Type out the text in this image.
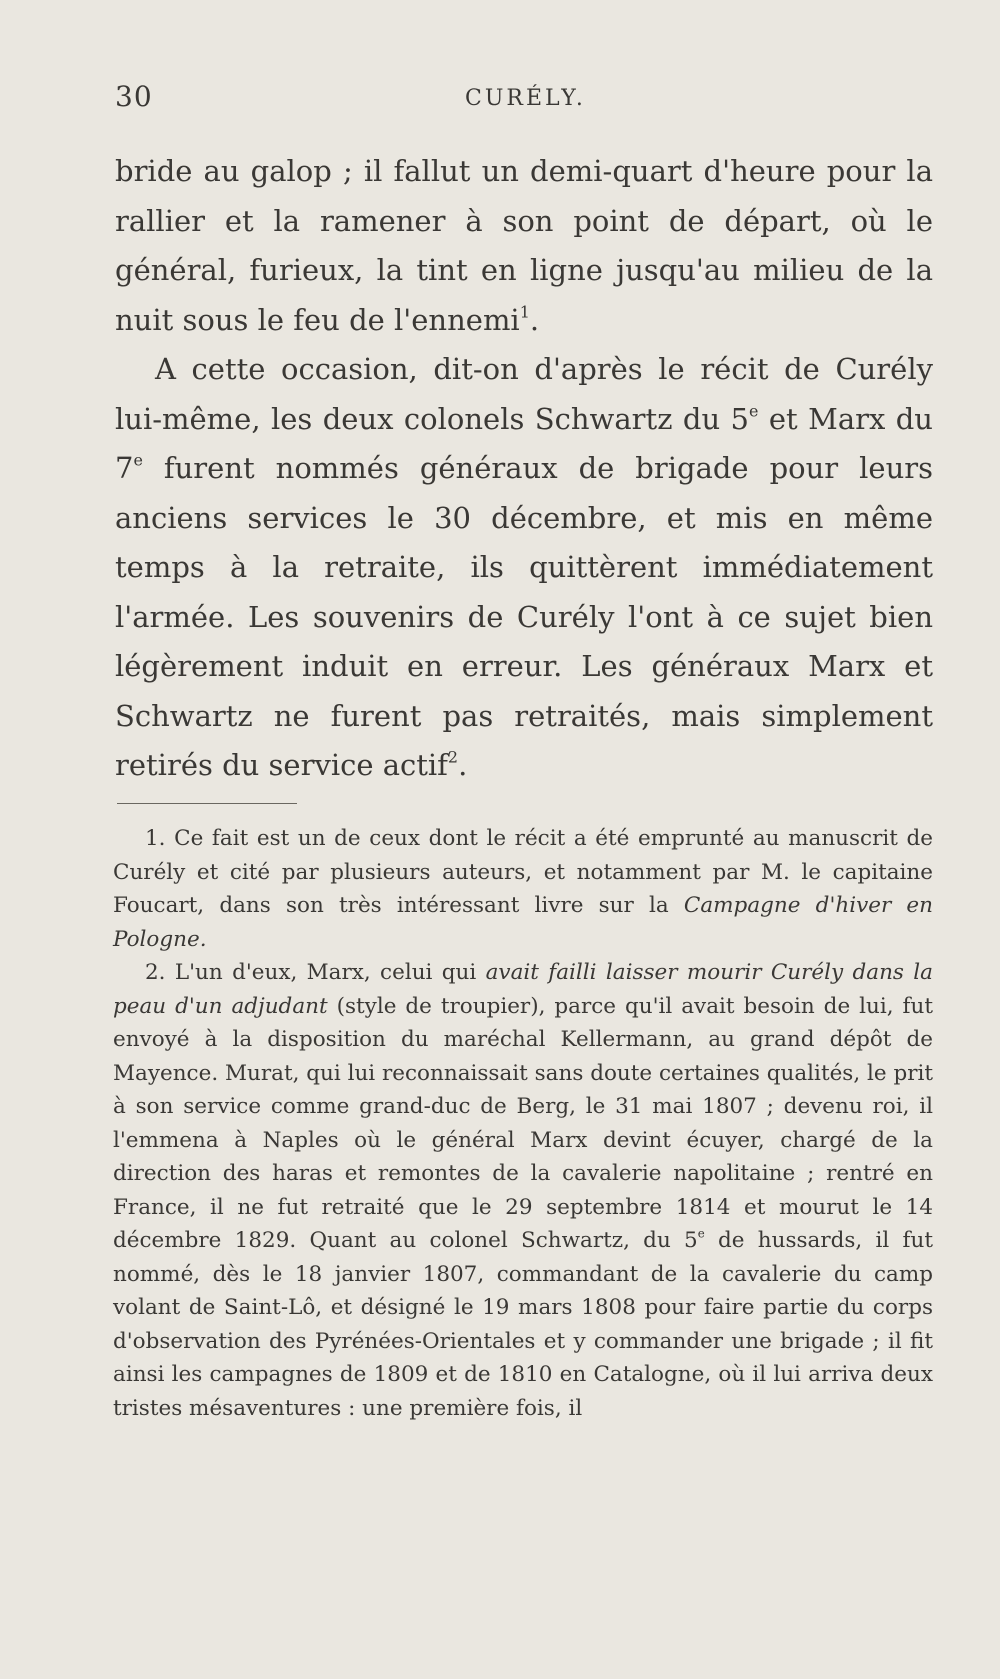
30	CURÉLY.

bride au galop ; il fallut un demi-quart d'heure pour la rallier et la ramener à son point de départ, où le général, furieux, la tint en ligne jusqu'au milieu de la nuit sous le feu de l'ennemi$^1$.

A cette occasion, dit-on d'après le récit de Curély lui-même, les deux colonels Schwartz du 5e et Marx du 7e furent nommés généraux de brigade pour leurs anciens services le 30 décembre, et mis en même temps à la retraite, ils quittèrent immédiatement l'armée. Les souvenirs de Curély l'ont à ce sujet bien légèrement induit en erreur. Les généraux Marx et Schwartz ne furent pas retraités, mais simplement retirés du service actif$^2$.

1. Ce fait est un de ceux dont le récit a été emprunté au manuscrit de Curély et cité par plusieurs auteurs, et notamment par M. le capitaine Foucart, dans son très intéressant livre sur la Campagne d'hiver en Pologne.

2. L'un d'eux, Marx, celui qui avait failli laisser mourir Curély dans la peau d'un adjudant (style de troupier), parce qu'il avait besoin de lui, fut envoyé à la disposition du maréchal Kellermann, au grand dépôt de Mayence. Murat, qui lui reconnaissait sans doute certaines qualités, le prit à son service comme grand-duc de Berg, le 31 mai 1807 ; devenu roi, il l'emmena à Naples où le général Marx devint écuyer, chargé de la direction des haras et remontes de la cavalerie napolitaine ; rentré en France, il ne fut retraité que le 29 septembre 1814 et mourut le 14 décembre 1829. Quant au colonel Schwartz, du 5e de hussards, il fut nommé, dès le 18 janvier 1807, commandant de la cavalerie du camp volant de Saint-Lô, et désigné le 19 mars 1808 pour faire partie du corps d'observation des Pyrénées-Orientales et y commander une brigade ; il fit ainsi les campagnes de 1809 et de 1810 en Catalogne, où il lui arriva deux tristes mésaventures : une première fois, il
